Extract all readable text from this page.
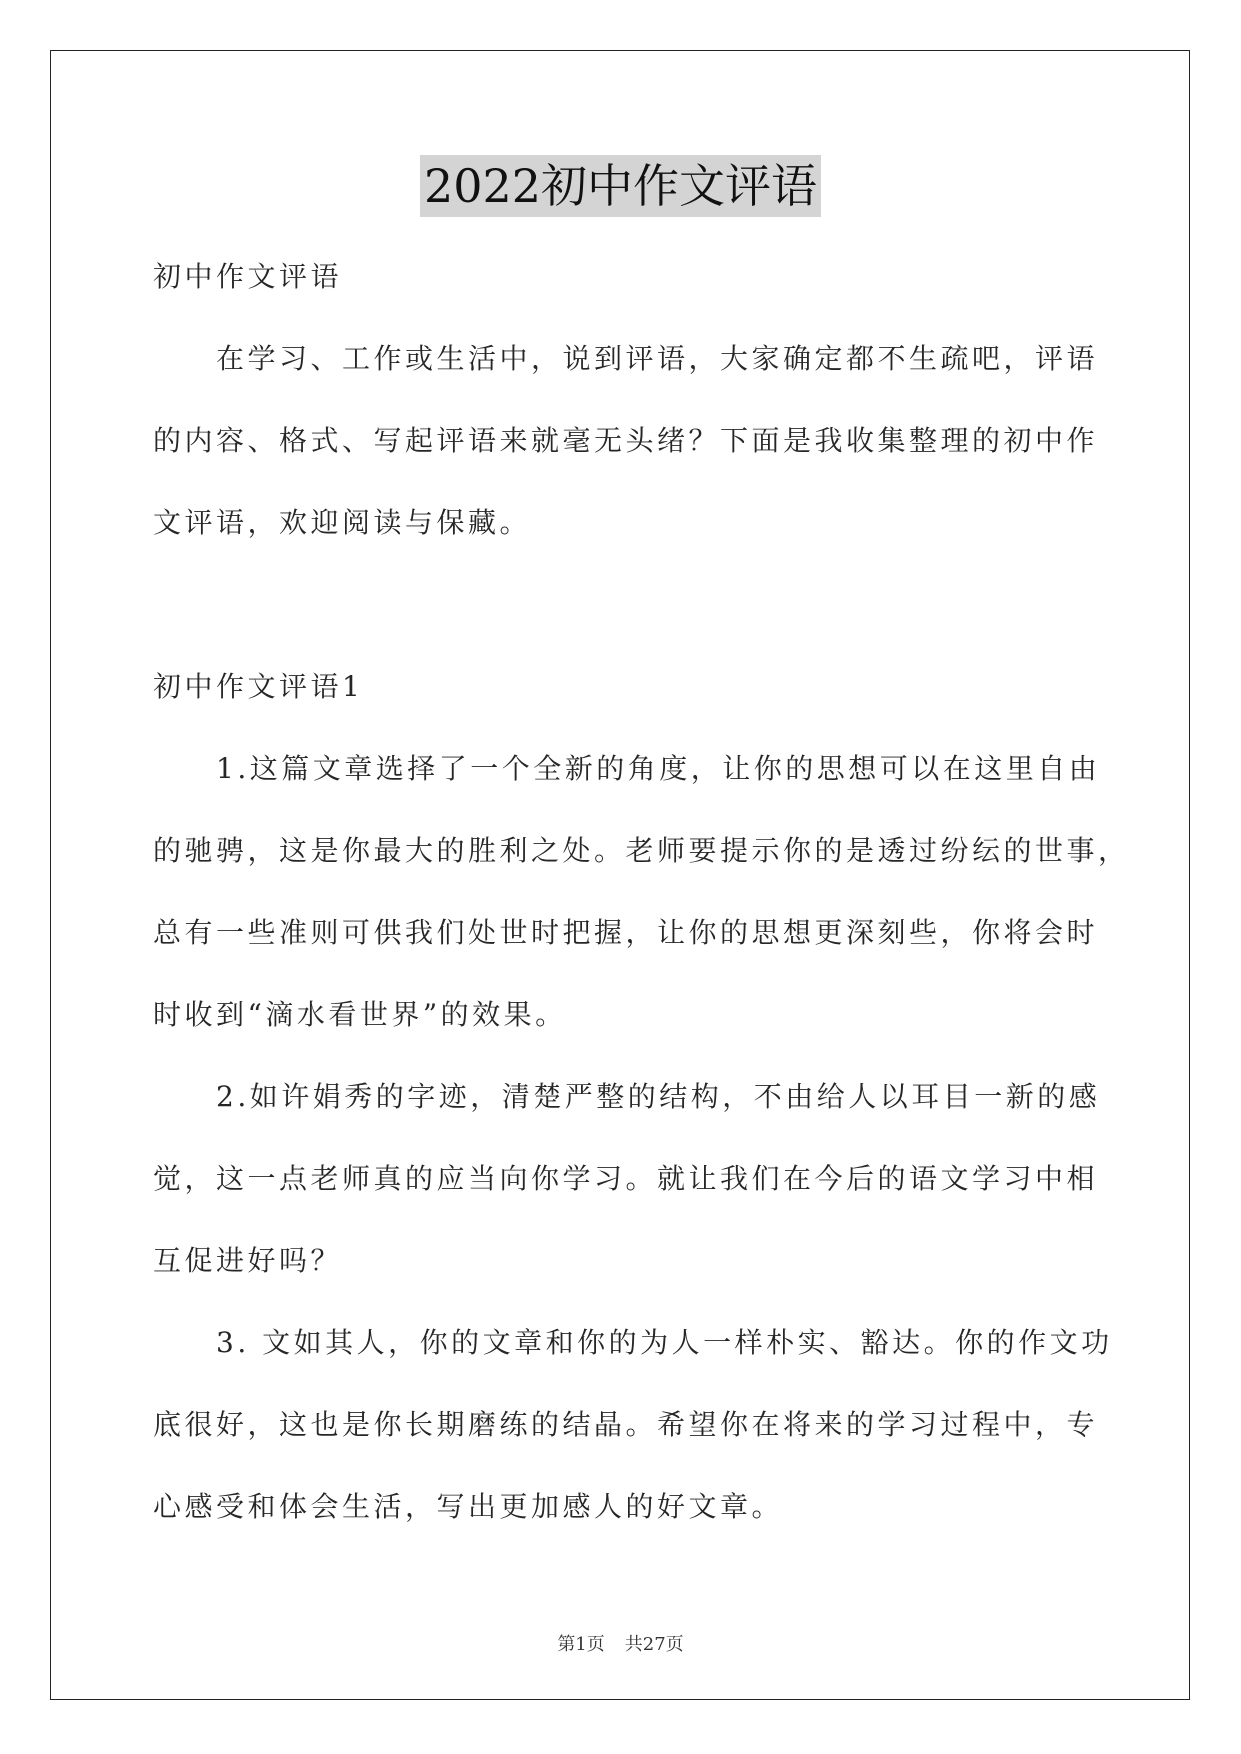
2022初中作文评语

初中作文评语

　　在学习、工作或生活中，说到评语，大家确定都不生疏吧，评语

的内容、格式、写起评语来就毫无头绪？下面是我收集整理的初中作

文评语，欢迎阅读与保藏。

初中作文评语1

　　1.这篇文章选择了一个全新的角度，让你的思想可以在这里自由

的驰骋，这是你最大的胜利之处。老师要提示你的是透过纷纭的世事，

总有一些准则可供我们处世时把握，让你的思想更深刻些，你将会时

时收到“滴水看世界”的效果。

　　2.如许娟秀的字迹，清楚严整的结构，不由给人以耳目一新的感

觉，这一点老师真的应当向你学习。就让我们在今后的语文学习中相

互促进好吗？

　　3. 文如其人，你的文章和你的为人一样朴实、豁达。你的作文功

底很好，这也是你长期磨练的结晶。希望你在将来的学习过程中，专

心感受和体会生活，写出更加感人的好文章。

第1页 共27页
